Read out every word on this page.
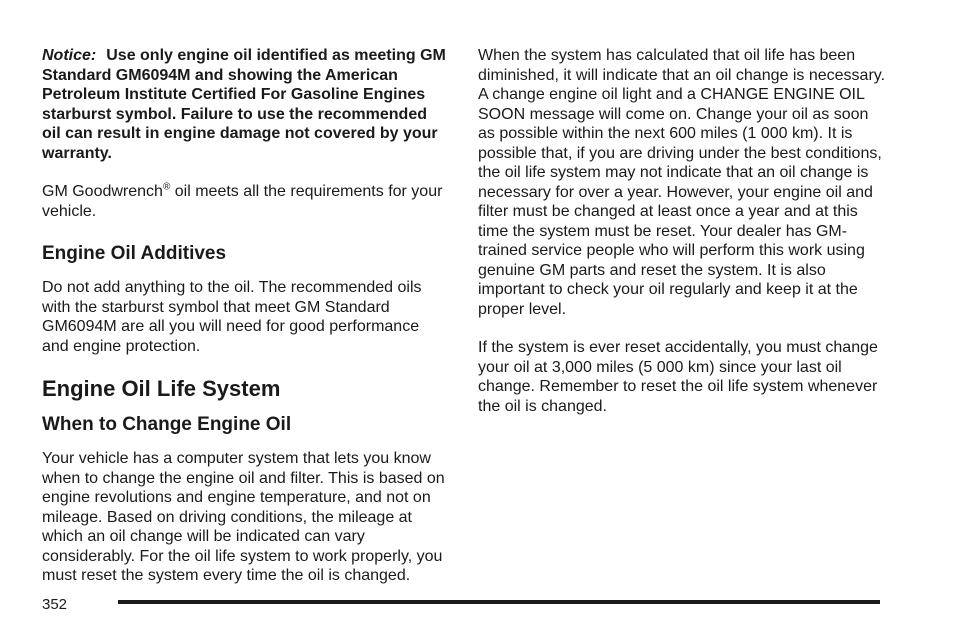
Notice: Use only engine oil identified as meeting GM Standard GM6094M and showing the American Petroleum Institute Certified For Gasoline Engines starburst symbol. Failure to use the recommended oil can result in engine damage not covered by your warranty.

GM Goodwrench® oil meets all the requirements for your vehicle.

Engine Oil Additives

Do not add anything to the oil. The recommended oils with the starburst symbol that meet GM Standard GM6094M are all you will need for good performance and engine protection.

Engine Oil Life System
When to Change Engine Oil

Your vehicle has a computer system that lets you know when to change the engine oil and filter. This is based on engine revolutions and engine temperature, and not on mileage. Based on driving conditions, the mileage at which an oil change will be indicated can vary considerably. For the oil life system to work properly, you must reset the system every time the oil is changed.

When the system has calculated that oil life has been diminished, it will indicate that an oil change is necessary. A change engine oil light and a CHANGE ENGINE OIL SOON message will come on. Change your oil as soon as possible within the next 600 miles (1 000 km). It is possible that, if you are driving under the best conditions, the oil life system may not indicate that an oil change is necessary for over a year. However, your engine oil and filter must be changed at least once a year and at this time the system must be reset. Your dealer has GM-trained service people who will perform this work using genuine GM parts and reset the system. It is also important to check your oil regularly and keep it at the proper level.

If the system is ever reset accidentally, you must change your oil at 3,000 miles (5 000 km) since your last oil change. Remember to reset the oil life system whenever the oil is changed.

352
